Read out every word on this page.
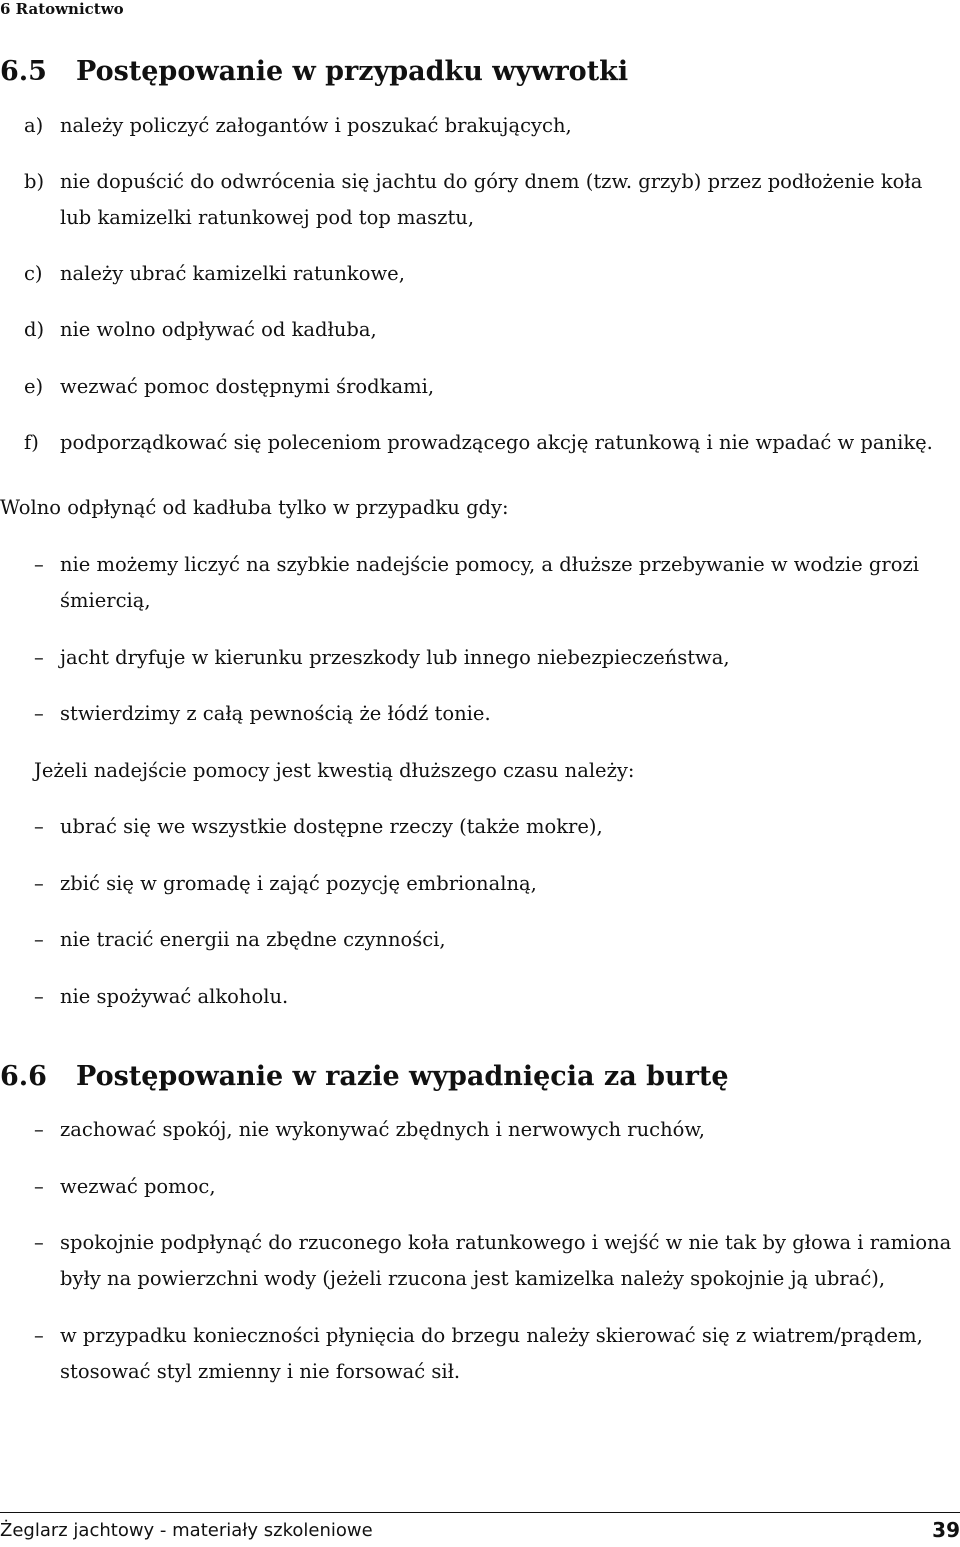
6 Ratownictwo
6.5 Postępowanie w przypadku wywrotki
a) należy policzyć załogantów i poszukać brakujących,
b) nie dopuścić do odwrócenia się jachtu do góry dnem (tzw. grzyb) przez podłożenie koła
lub kamizelki ratunkowej pod top masztu,
c) należy ubrać kamizelki ratunkowe,
d) nie wolno odpływać od kadłuba,
e) wezwać pomoc dostępnymi środkami,
f) podporządkować się poleceniom prowadzącego akcję ratunkową i nie wpadać w panikę.
Wolno odpłynąć od kadłuba tylko w przypadku gdy:
– nie możemy liczyć na szybkie nadejście pomocy, a dłuższe przebywanie w wodzie grozi
śmiercią,
– jacht dryfuje w kierunku przeszkody lub innego niebezpieczeństwa,
– stwierdzimy z całą pewnością że łódź tonie.
Jeżeli nadejście pomocy jest kwestią dłuższego czasu należy:
– ubrać się we wszystkie dostępne rzeczy (także mokre),
– zbić się w gromadę i zająć pozycję embrionalną,
– nie tracić energii na zbędne czynności,
– nie spożywać alkoholu.
6.6 Postępowanie w razie wypadnięcia za burtę
– zachować spokój, nie wykonywać zbędnych i nerwowych ruchów,
– wezwać pomoc,
– spokojnie podpłynąć do rzuconego koła ratunkowego i wejść w nie tak by głowa i ramiona
były na powierzchni wody (jeżeli rzucona jest kamizelka należy spokojnie ją ubrać),
– w przypadku konieczności płynięcia do brzegu należy skierować się z wiatrem/prądem,
stosować styl zmienny i nie forsować sił.
Żeglarz jachtowy - materiały szkoleniowe	39
